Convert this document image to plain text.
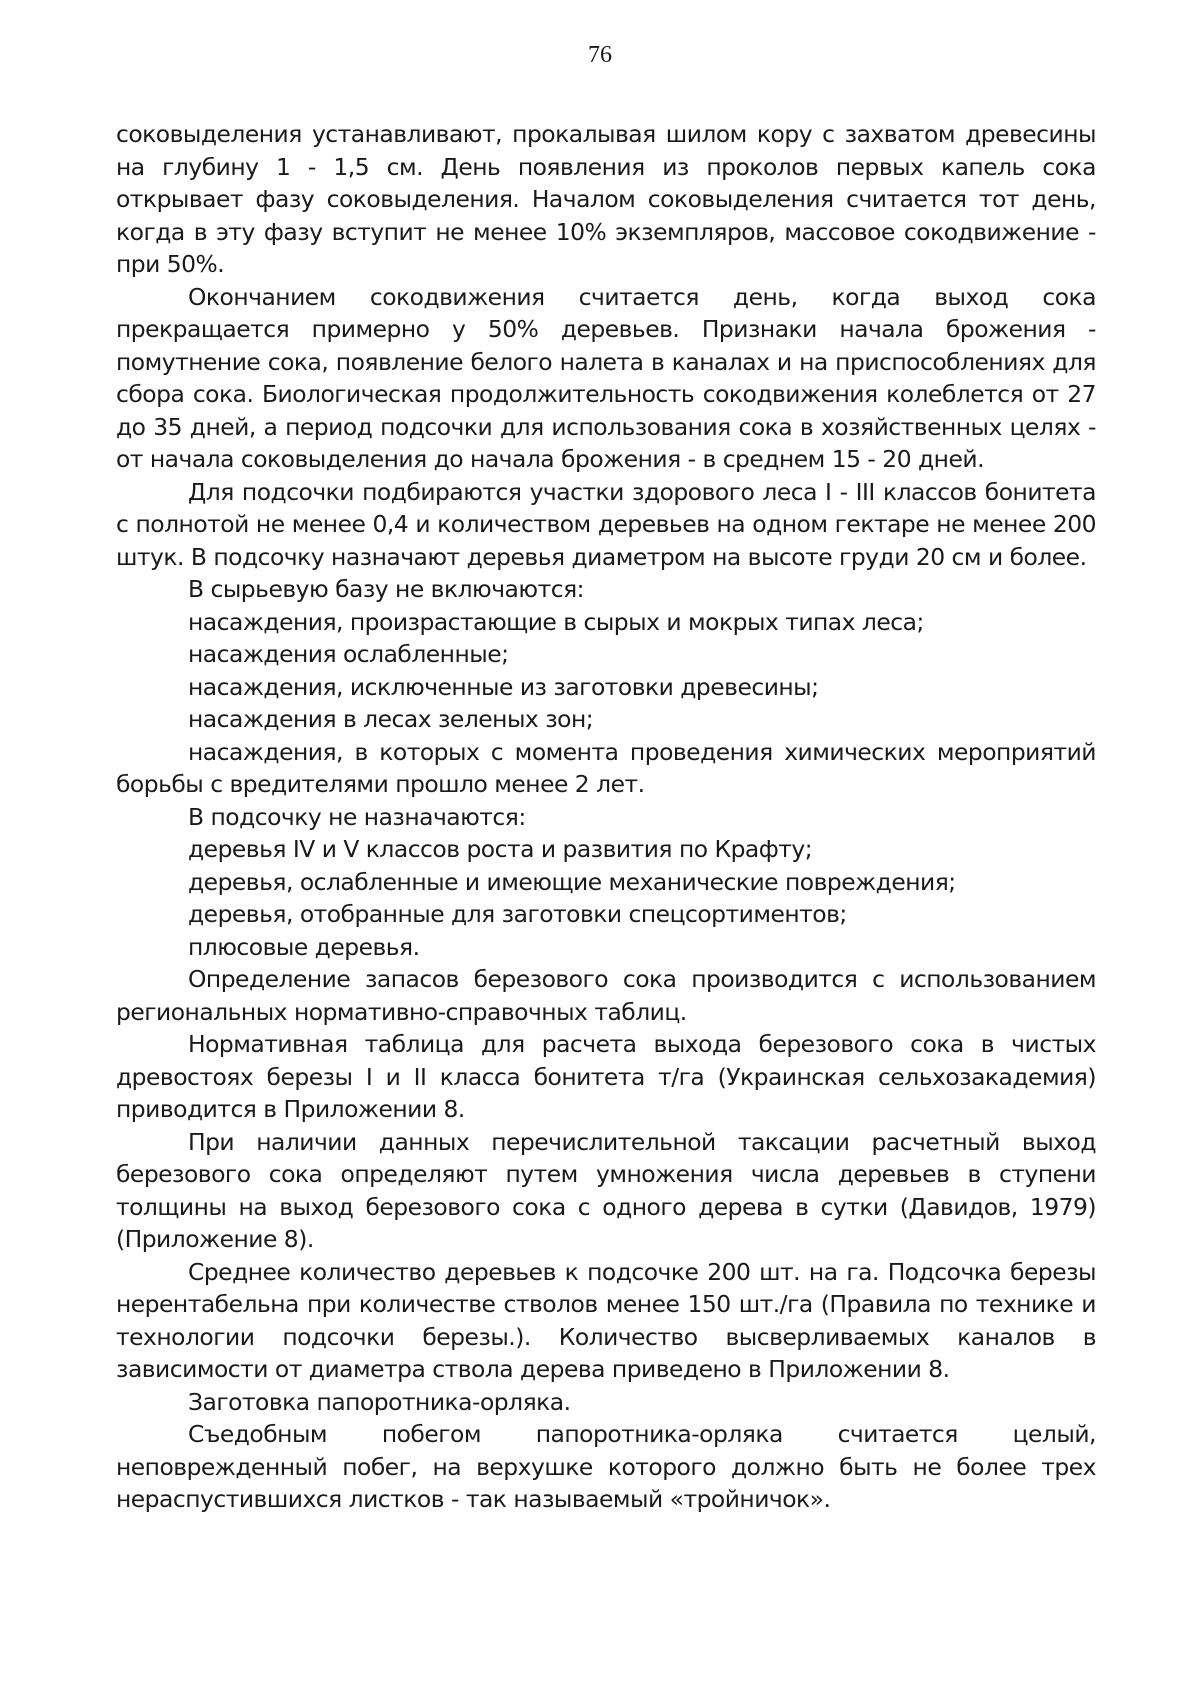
76

соковыделения устанавливают, прокалывая шилом кору с захватом древесины на глубину 1 - 1,5 см. День появления из проколов первых капель сока открывает фазу соковыделения. Началом соковыделения считается тот день, когда в эту фазу вступит не менее 10% экземпляров, массовое сокодвижение - при 50%.

Окончанием сокодвижения считается день, когда выход сока прекращается примерно у 50% деревьев. Признаки начала брожения - помутнение сока, появление белого налета в каналах и на приспособлениях для сбора сока. Биологическая продолжительность сокодвижения колеблется от 27 до 35 дней, а период подсочки для использования сока в хозяйственных целях - от начала соковыделения до начала брожения - в среднем 15 - 20 дней.

Для подсочки подбираются участки здорового леса I - III классов бонитета с полнотой не менее 0,4 и количеством деревьев на одном гектаре не менее 200 штук. В подсочку назначают деревья диаметром на высоте груди 20 см и более.

В сырьевую базу не включаются:

насаждения, произрастающие в сырых и мокрых типах леса;

насаждения ослабленные;

насаждения, исключенные из заготовки древесины;

насаждения в лесах зеленых зон;

насаждения, в которых с момента проведения химических мероприятий борьбы с вредителями прошло менее 2 лет.

В подсочку не назначаются:

деревья IV и V классов роста и развития по Крафту;

деревья, ослабленные и имеющие механические повреждения;

деревья, отобранные для заготовки спецсортиментов;

плюсовые деревья.

Определение запасов березового сока производится с использованием региональных нормативно-справочных таблиц.

Нормативная таблица для расчета выхода березового сока в чистых древостоях березы I и II класса бонитета т/га (Украинская сельхозакадемия) приводится в Приложении 8.

При наличии данных перечислительной таксации расчетный выход березового сока определяют путем умножения числа деревьев в ступени толщины на выход березового сока с одного дерева в сутки (Давидов, 1979) (Приложение 8).

Среднее количество деревьев к подсочке 200 шт. на га. Подсочка березы нерентабельна при количестве стволов менее 150 шт./га (Правила по технике и технологии подсочки березы.). Количество высверливаемых каналов в зависимости от диаметра ствола дерева приведено в Приложении 8.

Заготовка папоротника-орляка.

Съедобным побегом папоротника-орляка считается целый, неповрежденный побег, на верхушке которого должно быть не более трех нераспустившихся листков - так называемый «тройничок».
